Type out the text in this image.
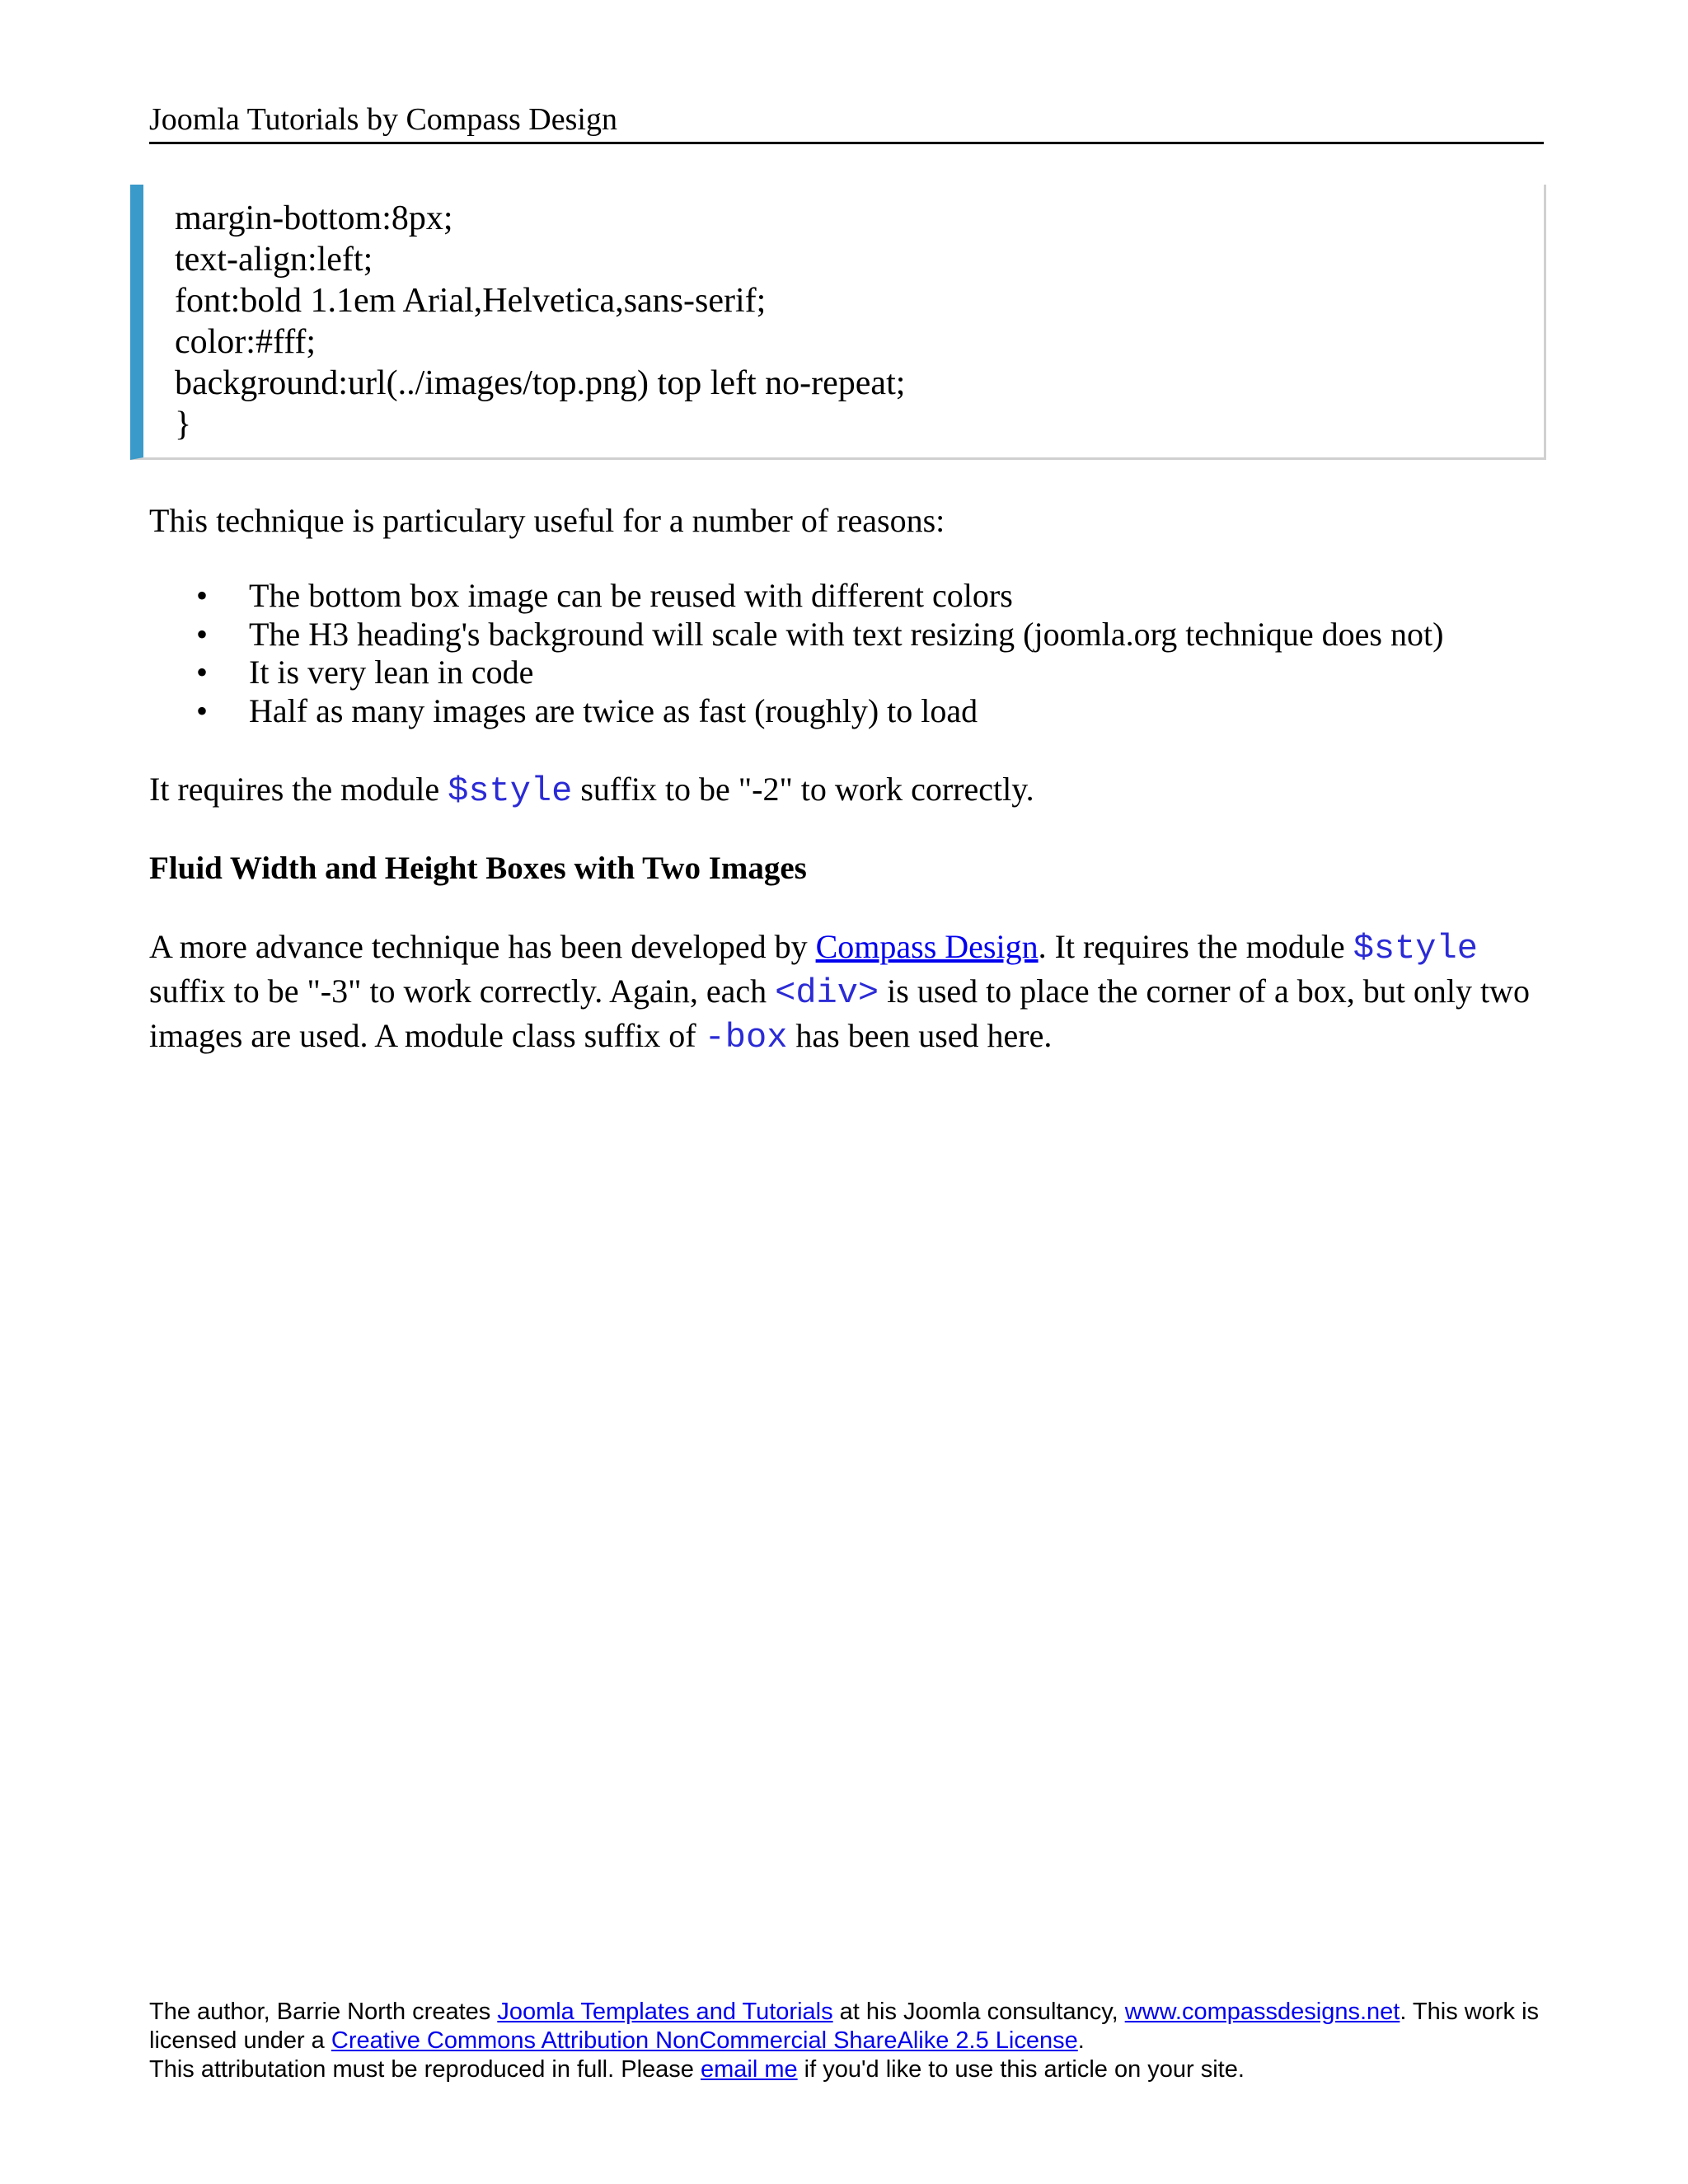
Joomla Tutorials by Compass Design
margin-bottom:8px;
text-align:left;
font:bold 1.1em Arial,Helvetica,sans-serif;
color:#fff;
background:url(../images/top.png) top left no-repeat;
}
This technique is particulary useful for a number of reasons:
• The bottom box image can be reused with different colors
• The H3 heading's background will scale with text resizing (joomla.org technique does not)
• It is very lean in code
• Half as many images are twice as fast (roughly) to load
It requires the module $style suffix to be "-2" to work correctly.
Fluid Width and Height Boxes with Two Images
A more advance technique has been developed by Compass Design. It requires the module $style suffix to be "-3" to work correctly. Again, each <div> is used to place the corner of a box, but only two images are used. A module class suffix of -box has been used here.
The author, Barrie North creates Joomla Templates and Tutorials at his Joomla consultancy, www.compassdesigns.net. This work is licensed under a Creative Commons Attribution NonCommercial ShareAlike 2.5 License.
This attributation must be reproduced in full. Please email me if you'd like to use this article on your site.
